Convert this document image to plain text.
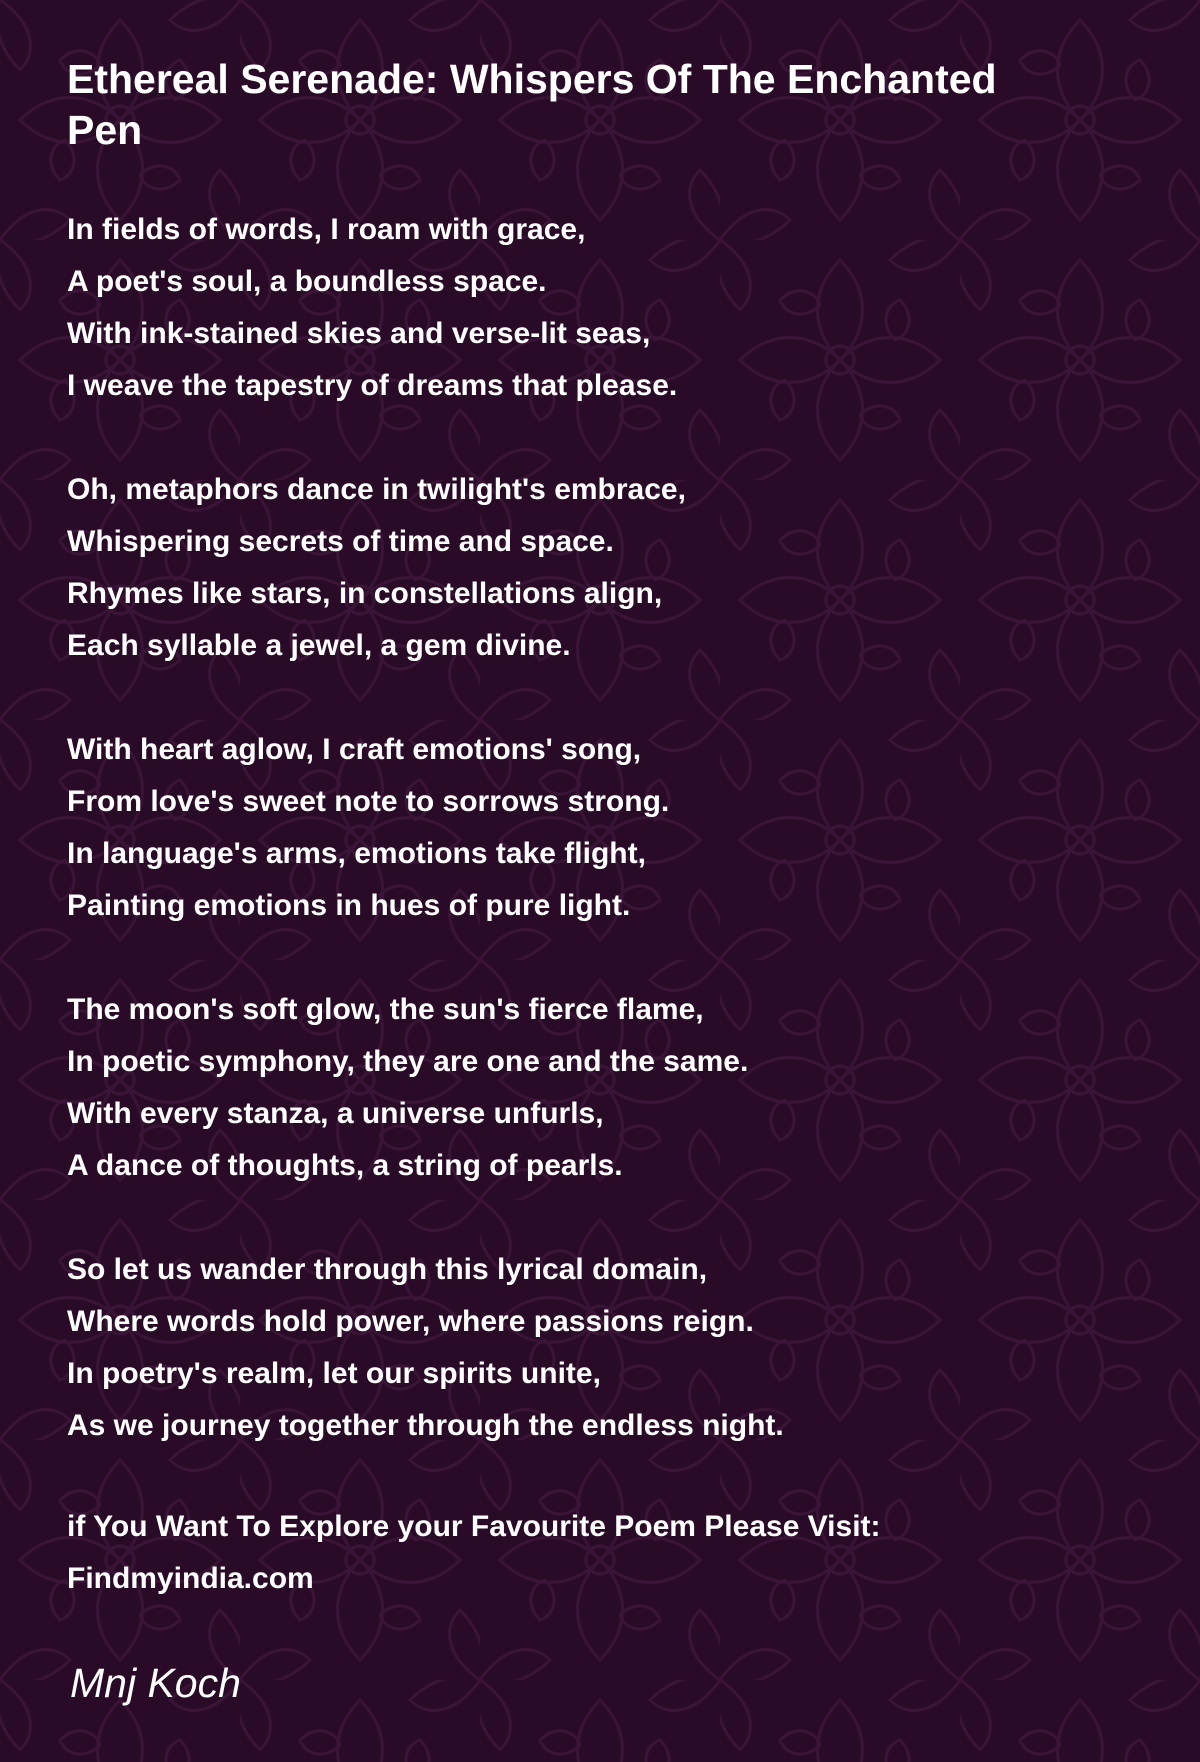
Ethereal Serenade: Whispers Of The Enchanted Pen
In fields of words, I roam with grace,
A poet's soul, a boundless space.
With ink-stained skies and verse-lit seas,
I weave the tapestry of dreams that please.
Oh, metaphors dance in twilight's embrace,
Whispering secrets of time and space.
Rhymes like stars, in constellations align,
Each syllable a jewel, a gem divine.
With heart aglow, I craft emotions' song,
From love's sweet note to sorrows strong.
In language's arms, emotions take flight,
Painting emotions in hues of pure light.
The moon's soft glow, the sun's fierce flame,
In poetic symphony, they are one and the same.
With every stanza, a universe unfurls,
A dance of thoughts, a string of pearls.
So let us wander through this lyrical domain,
Where words hold power, where passions reign.
In poetry's realm, let our spirits unite,
As we journey together through the endless night.
if You Want To Explore your Favourite Poem Please Visit:
Findmyindia.com
Mnj Koch
